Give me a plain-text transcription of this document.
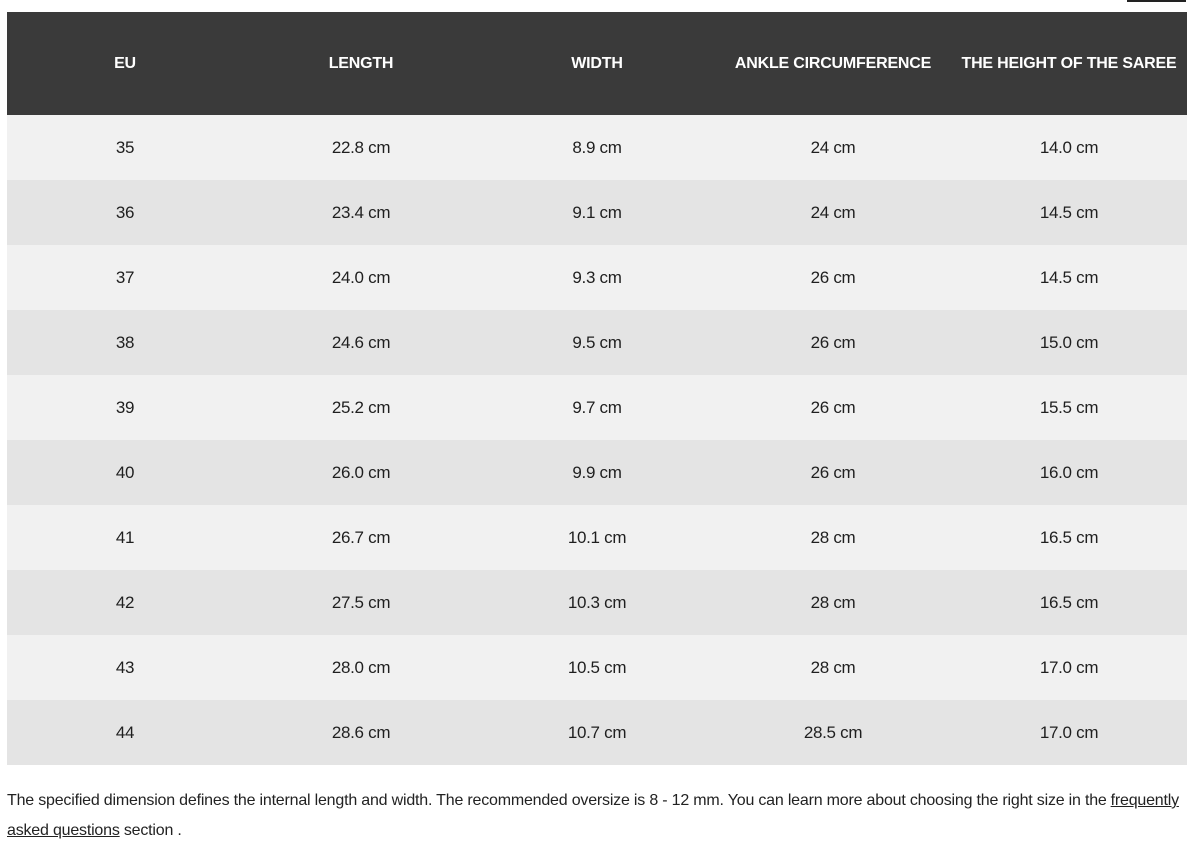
EU	LENGTH	WIDTH	ANKLE CIRCUMFERENCE	THE HEIGHT OF THE SAREE
35	22.8 cm	8.9 cm	24 cm	14.0 cm
36	23.4 cm	9.1 cm	24 cm	14.5 cm
37	24.0 cm	9.3 cm	26 cm	14.5 cm
38	24.6 cm	9.5 cm	26 cm	15.0 cm
39	25.2 cm	9.7 cm	26 cm	15.5 cm
40	26.0 cm	9.9 cm	26 cm	16.0 cm
41	26.7 cm	10.1 cm	28 cm	16.5 cm
42	27.5 cm	10.3 cm	28 cm	16.5 cm
43	28.0 cm	10.5 cm	28 cm	17.0 cm
44	28.6 cm	10.7 cm	28.5 cm	17.0 cm

The specified dimension defines the internal length and width. The recommended oversize is 8 - 12 mm. You can learn more about choosing the right size in the frequently asked questions section .
